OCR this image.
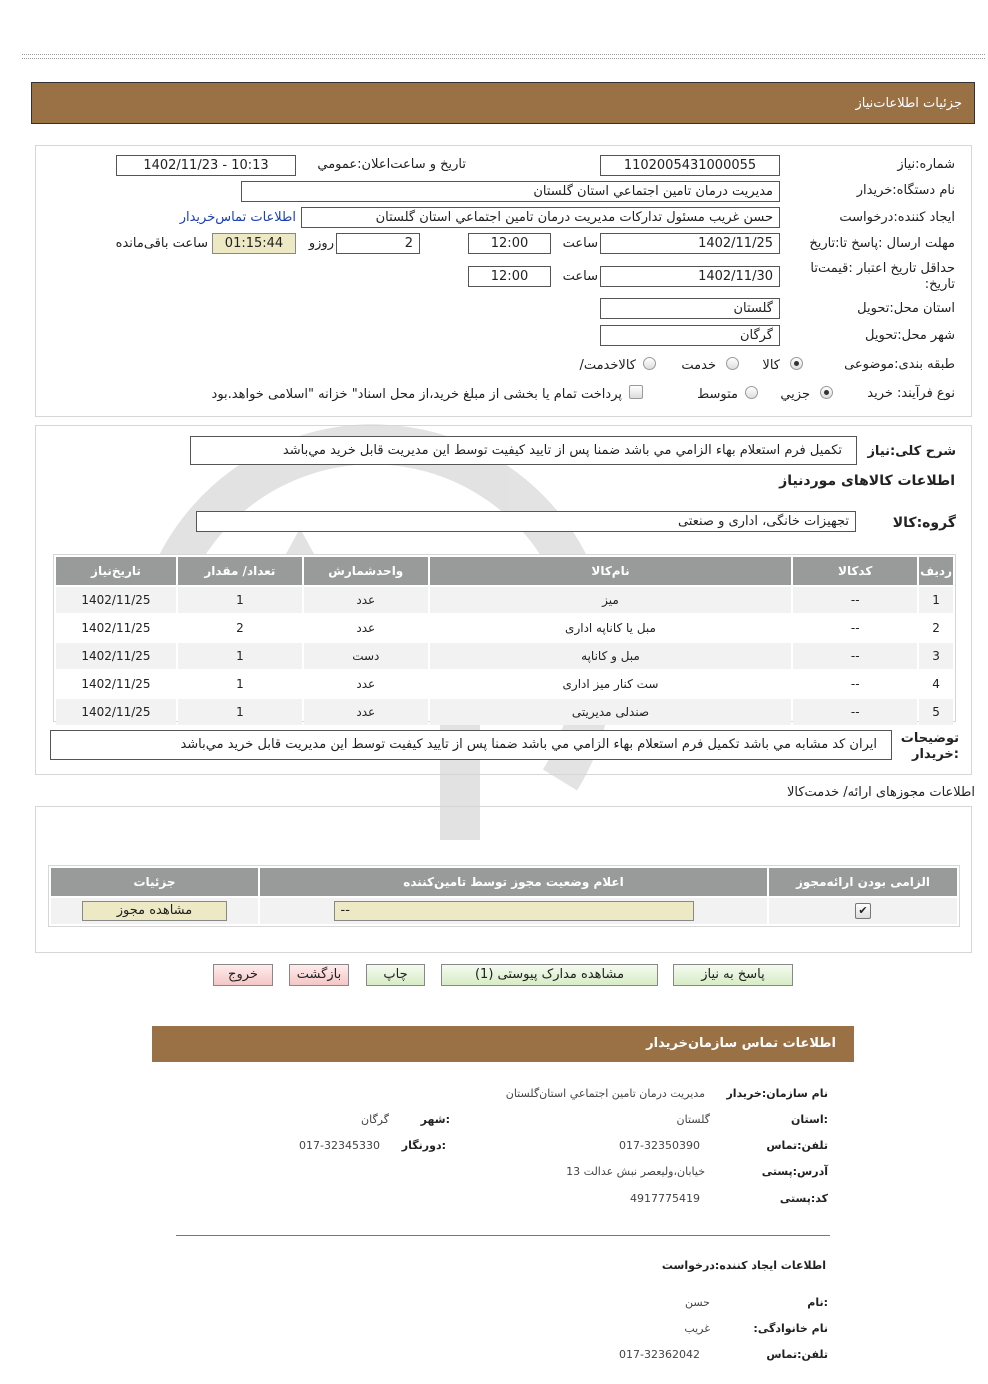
جزئیات اطلاعات‌نیاز
شماره:نیاز
1102005431000055
تاریخ و ساعت‌اعلان:عمومي
1402/11/23 - 10:13
نام دستگاه:خریدار
مديريت درمان تامين اجتماعي استان گلستان
ایجاد کننده:درخواست
حسن غريب مسئول تداركات مديريت درمان تامين اجتماعي استان گلستان
اطلاعات تماس‌خریدار
مهلت ارسال :پاسخ تا:تاریخ
1402/11/25
ساعت
12:00
2
روزو
01:15:44
ساعت باقی‌مانده
حداقل تاریخ اعتبار :قیمت‌تا تاریخ:
1402/11/30
ساعت
12:00
استان محل:تحویل
گلستان
شهر محل:تحویل
گرگان
طبقه بندی:موضوعی
کالا
خدمت
کالاخدمت/
نوع فرآیند: خرید
جزيي
متوسط
پرداخت تمام یا بخشی از مبلغ خرید،از محل اسناد" خزانه "اسلامی خواهد.بود
شرح کلی:نیاز
تكميل فرم استعلام بهاء الزامي مي باشد ضمنا پس از تاييد كيفيت توسط اين مديريت قابل خريد مي‌باشد
اطلاعات کالاهای موردنیاز
گروه:کالا
تجهیزات خانگی، اداری و صنعتی
ردیف	کدکالا	نام‌کالا	واحدشمارش	تعداد/ مقدار	تاریخ‌نیاز
1	--	میز	عدد	1	1402/11/25
2	--	مبل یا کاناپه اداری	عدد	2	1402/11/25
3	--	مبل و کاناپه	دست	1	1402/11/25
4	--	ست کنار میز اداری	عدد	1	1402/11/25
5	--	صندلی مدیریتی	عدد	1	1402/11/25
توضیحات :خریدار
ايران كد مشابه مي باشد تكميل فرم استعلام بهاء الزامي مي باشد ضمنا پس از تاييد كيفيت توسط اين مديريت قابل خريد مي‌باشد
اطلاعات مجوزهای ارائه/ خدمت‌کالا
الزامی بودن ارائه‌مجوز	اعلام وضعیت مجوز توسط تامین‌کننده	جزئیات
✔	--	مشاهده مجوز
پاسخ به نیاز
مشاهده مدارک پیوستی (1)
چاپ
بازگشت
خروج
اطلاعات تماس سازمان‌خریدار
نام سازمان:خریدار
مديريت درمان تامين اجتماعي استان‌گلستان
:استان
گلستان
:شهر
گرگان
تلفن:تماس
017-32350390
:دورنگار
017-32345330
آدرس:پستی
خيابان،وليعصر نبش عدالت 13
کد:پستی
4917775419
اطلاعات ایجاد کننده:درخواست
:نام
حسن
نام خانوادگی:
غريب
تلفن:تماس
017-32362042
